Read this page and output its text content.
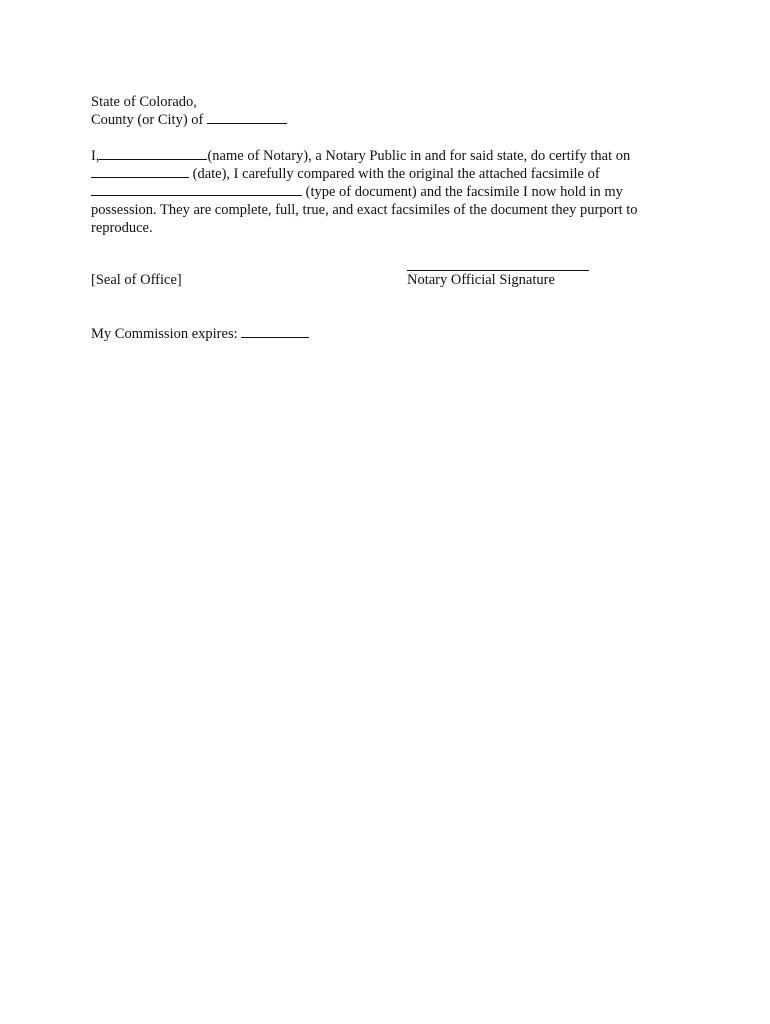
State of Colorado,
County (or City) of
I,	(name of Notary), a Notary Public in and for said state, do certify that on
(date), I carefully compared with the original the attached facsimile of
(type of document) and the facsimile I now hold in my
possession. They are complete, full, true, and exact facsimiles of the document they purport to
reproduce.
[Seal of Office]	Notary Official Signature
My Commission expires:
